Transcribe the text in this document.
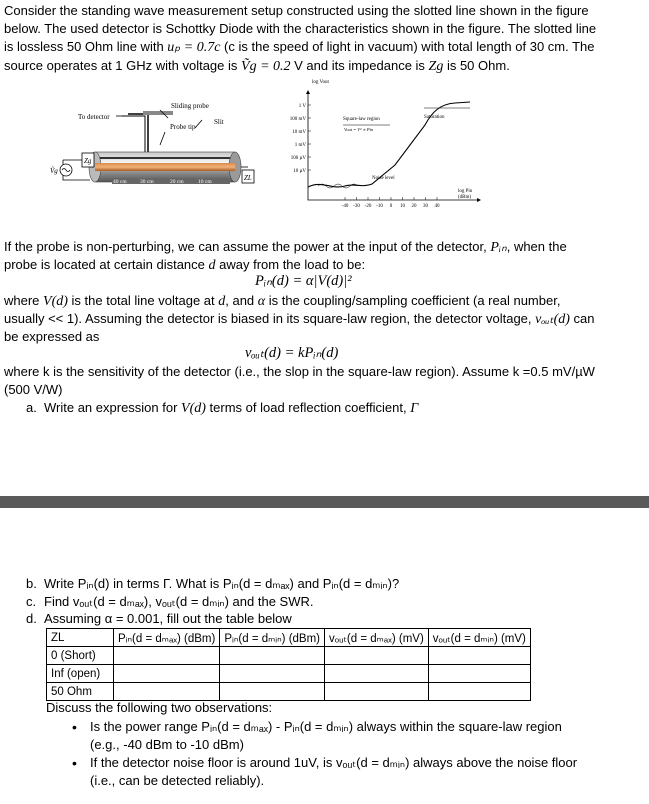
Consider the standing wave measurement setup constructed using the slotted line shown in the figure

below. The used detector is Schottky Diode with the characteristics shown in the figure. The slotted line

is lossless 50 Ohm line with uₚ = 0.7c (c is the speed of light in vacuum) with total length of 30 cm. The

source operates at 1 GHz with voltage is Ṽg = 0.2 V and its impedance is Zg is 50 Ohm.

To detector
Sliding probe
Probe tip
Slit
40 cm 30 cm	20 cm	10 cm
Zg
Ṽg
ZL
log Vout
1 V
100 mV
10 mV
1 mV
100 µV
10 µV
-40 -30 -20 -10 0 10 20 30 40
Square-law region
Vout = V² ∝ Pin
Saturation
Noise level
log Pin
(dBm)

If the probe is non-perturbing, we can assume the power at the input of the detector, Pᵢₙ, when the

probe is located at certain distance d away from the load to be:

Pᵢₙ(d) = α|V(d)|²

where V(d) is the total line voltage at d, and α is the coupling/sampling coefficient (a real number,

usually << 1). Assuming the detector is biased in its square-law region, the detector voltage, vₒᵤₜ(d) can

be expressed as

vₒᵤₜ(d) = kPᵢₙ(d)

where k is the sensitivity of the detector (i.e., the slop in the square-law region). Assume k =0.5 mV/µW

(500 V/W)

a. Write an expression for V(d) terms of load reflection coefficient, Γ

b. Write Pᵢₙ(d) in terms Γ. What is Pᵢₙ(d = dₘₐₓ) and Pᵢₙ(d = dₘᵢₙ)?

c. Find vₒᵤₜ(d = dₘₐₓ), vₒᵤₜ(d = dₘᵢₙ) and the SWR.

d. Assuming α = 0.001, fill out the table below

ZL	Pᵢₙ(d = dₘₐₓ) (dBm)	Pᵢₙ(d = dₘᵢₙ) (dBm)	vₒᵤₜ(d = dₘₐₓ) (mV)	vₒᵤₜ(d = dₘᵢₙ) (mV)
0 (Short)				
Inf (open)				
50 Ohm				

Discuss the following two observations:

• Is the power range Pᵢₙ(d = dₘₐₓ) - Pᵢₙ(d = dₘᵢₙ) always within the square-law region
(e.g., -40 dBm to -10 dBm)
• If the detector noise floor is around 1uV, is vₒᵤₜ(d = dₘᵢₙ) always above the noise floor
(i.e., can be detected reliably).
